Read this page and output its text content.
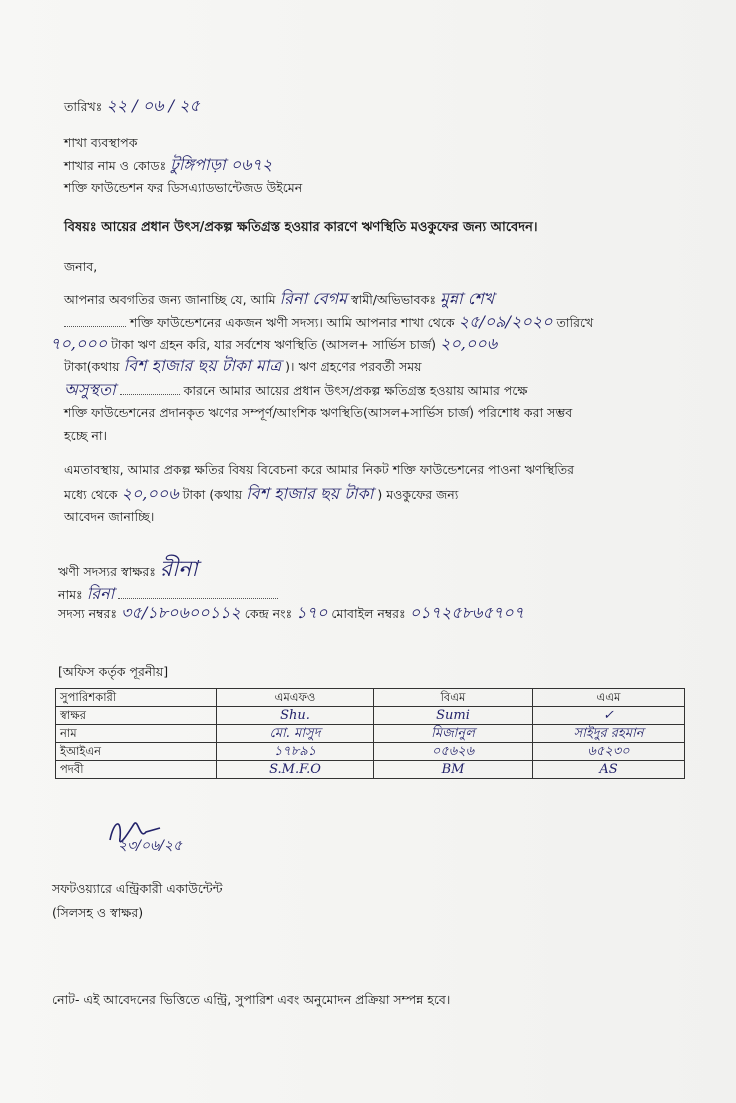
তারিখঃ ২২ / ০৬ / ২৫
শাখা ব্যবস্থাপক
শাখার নাম ও কোডঃ টুঙ্গিপাড়া ০৬৭২
শক্তি ফাউন্ডেশন ফর ডিসএ্যাডভান্টেজড উইমেন
বিষয়ঃ আয়ের প্রধান উৎস/প্রকল্প ক্ষতিগ্রস্ত হওয়ার কারণে ঋণস্থিতি মওকুফের জন্য আবেদন।
জনাব,
আপনার অবগতির জন্য জানাচ্ছি যে, আমি রিনা বেগম স্বামী/অভিভাবকঃ মুন্না শেখ
শক্তি ফাউন্ডেশনের একজন ঋণী সদস্য। আমি আপনার শাখা থেকে ২৫/০৯/২০২০ তারিখে
৭০,০০০ টাকা ঋণ গ্রহন করি, যার সর্বশেষ ঋণস্থিতি (আসল+ সার্ভিস চার্জ) ২০,০০৬
টাকা(কথায় বিশ হাজার ছয় টাকা মাত্র )। ঋণ গ্রহণের পরবর্তী সময়
অসুস্থতা	কারনে আমার আয়ের প্রধান উৎস/প্রকল্প ক্ষতিগ্রস্ত হওয়ায় আমার পক্ষে
শক্তি ফাউন্ডেশনের প্রদানকৃত ঋণের সম্পূর্ণ/আংশিক ঋণস্থিতি(আসল+সার্ভিস চার্জ) পরিশোধ করা সম্ভব
হচ্ছে না।
এমতাবস্থায়, আমার প্রকল্প ক্ষতির বিষয় বিবেচনা করে আমার নিকট শক্তি ফাউন্ডেশনের পাওনা ঋণস্থিতির
মধ্যে থেকে ২০,০০৬ টাকা (কথায় বিশ হাজার ছয় টাকা ) মওকুফের জন্য
আবেদন জানাচ্ছি।
ঋণী সদস্যর স্বাক্ষরঃ রীনা
নামঃ রিনা
সদস্য নম্বরঃ ৩৫/১৮০৬০০১১২ কেন্দ্র নংঃ ১৭০ মোবাইল নম্বরঃ ০১৭২৫৮৬৫৭০৭
[অফিস কর্তৃক পূরনীয়]
সুপারিশকারী	এমএফও	বিএম	এএম
স্বাক্ষর	Shu.	Sumi	✓
নাম	মো. মাসুদ	মিজানুল	সাইদুর রহমান
ইআইএন	১৭৮৯১	০৫৬২৬	৬৫২৩০
পদবী	S.M.F.O	BM	AS
২৩/০৬/২৫
সফটওয়্যারে এন্ট্রিকারী একাউন্টেন্ট
(সিলসহ ও স্বাক্ষর)
নোট- এই আবেদনের ভিত্তিতে এন্ট্রি, সুপারিশ এবং অনুমোদন প্রক্রিয়া সম্পন্ন হবে।
